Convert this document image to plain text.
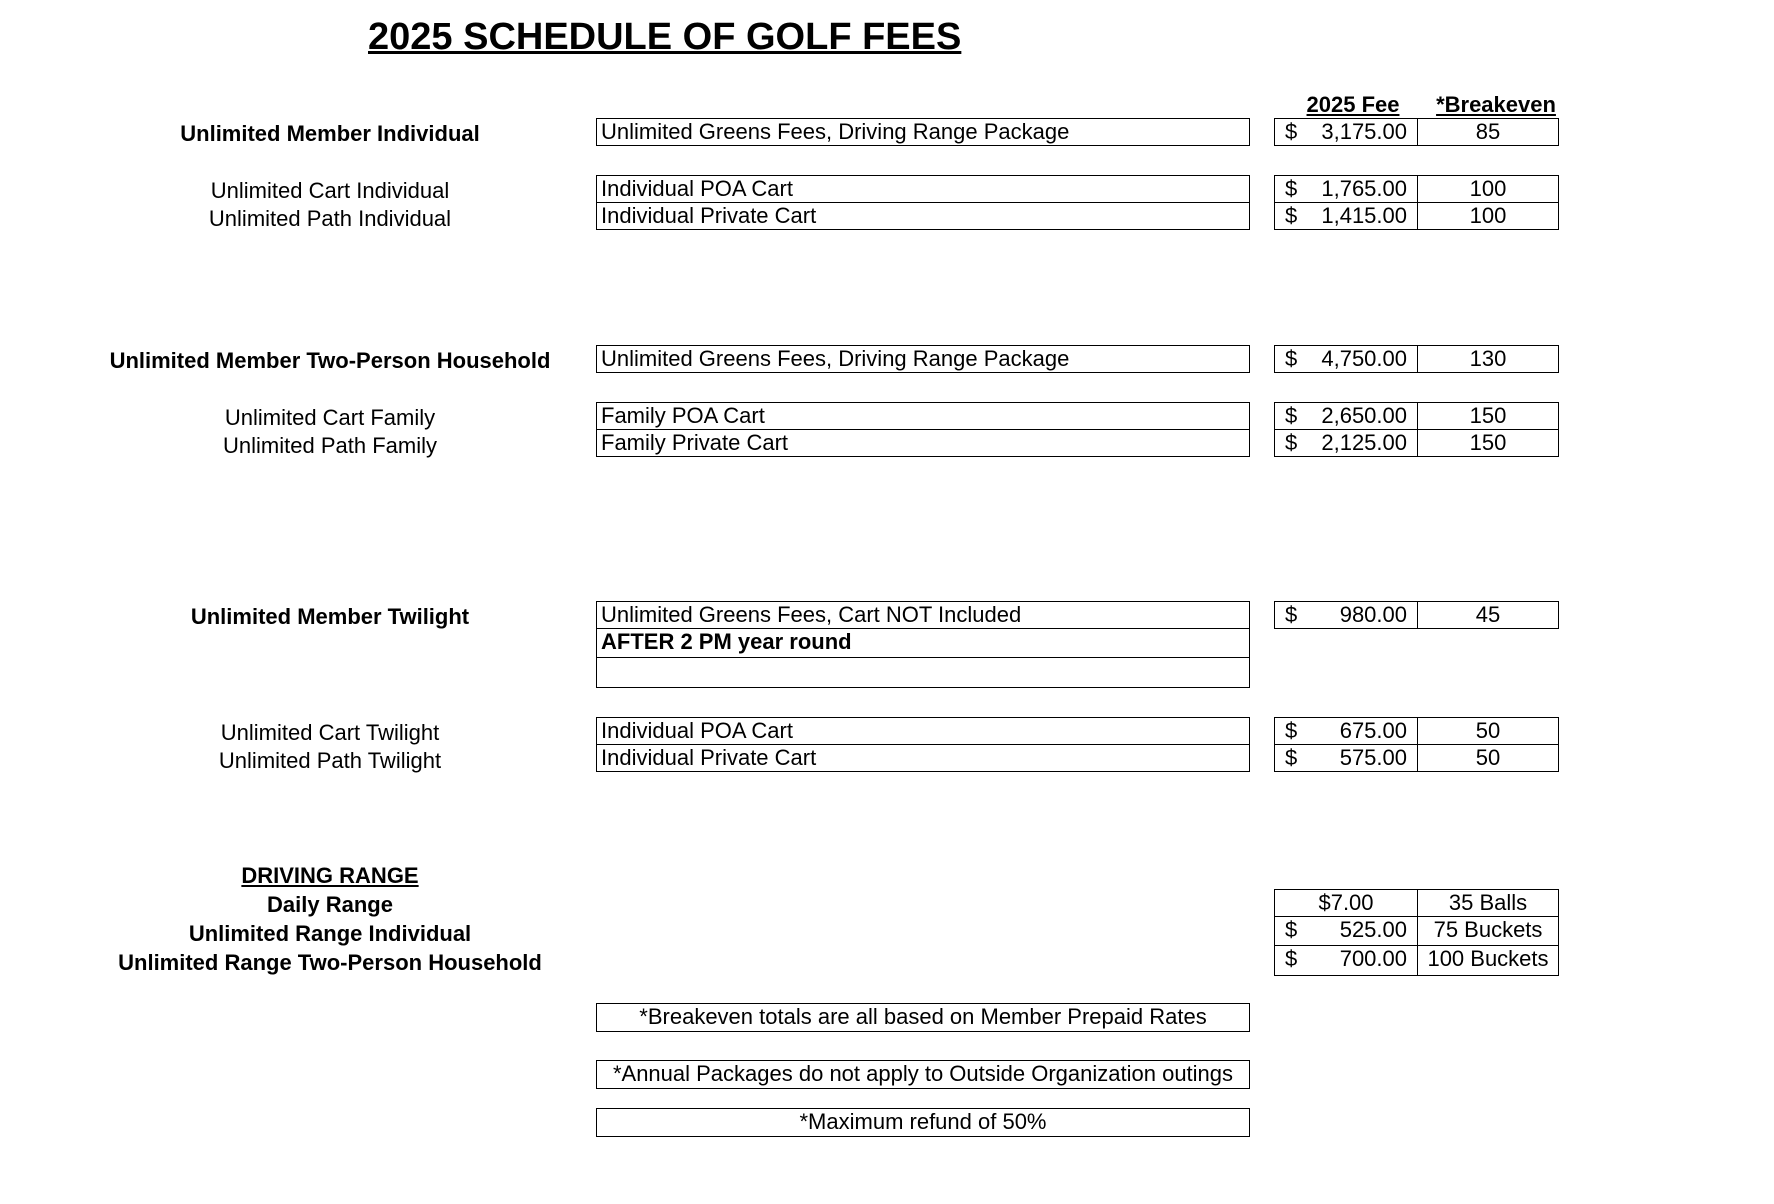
2025 SCHEDULE OF GOLF FEES
2025 Fee	*Breakeven
Unlimited Member Individual	Unlimited Greens Fees, Driving Range Package	$ 3,175.00	85
Unlimited Cart Individual	Individual POA Cart	$ 1,765.00	100
Unlimited Path Individual	Individual Private Cart	$ 1,415.00	100
Unlimited Member Two-Person Household	Unlimited Greens Fees, Driving Range Package	$ 4,750.00	130
Unlimited Cart Family	Family POA Cart	$ 2,650.00	150
Unlimited Path Family	Family Private Cart	$ 2,125.00	150
Unlimited Member Twilight	Unlimited Greens Fees, Cart NOT Included	$ 980.00	45
AFTER 2 PM year round
Unlimited Cart Twilight	Individual POA Cart	$ 675.00	50
Unlimited Path Twilight	Individual Private Cart	$ 575.00	50
DRIVING RANGE
Daily Range	$7.00	35 Balls
Unlimited Range Individual	$ 525.00	75 Buckets
Unlimited Range Two-Person Household	$ 700.00 100 Buckets
*Breakeven totals are all based on Member Prepaid Rates
*Annual Packages do not apply to Outside Organization outings
*Maximum refund of 50%
